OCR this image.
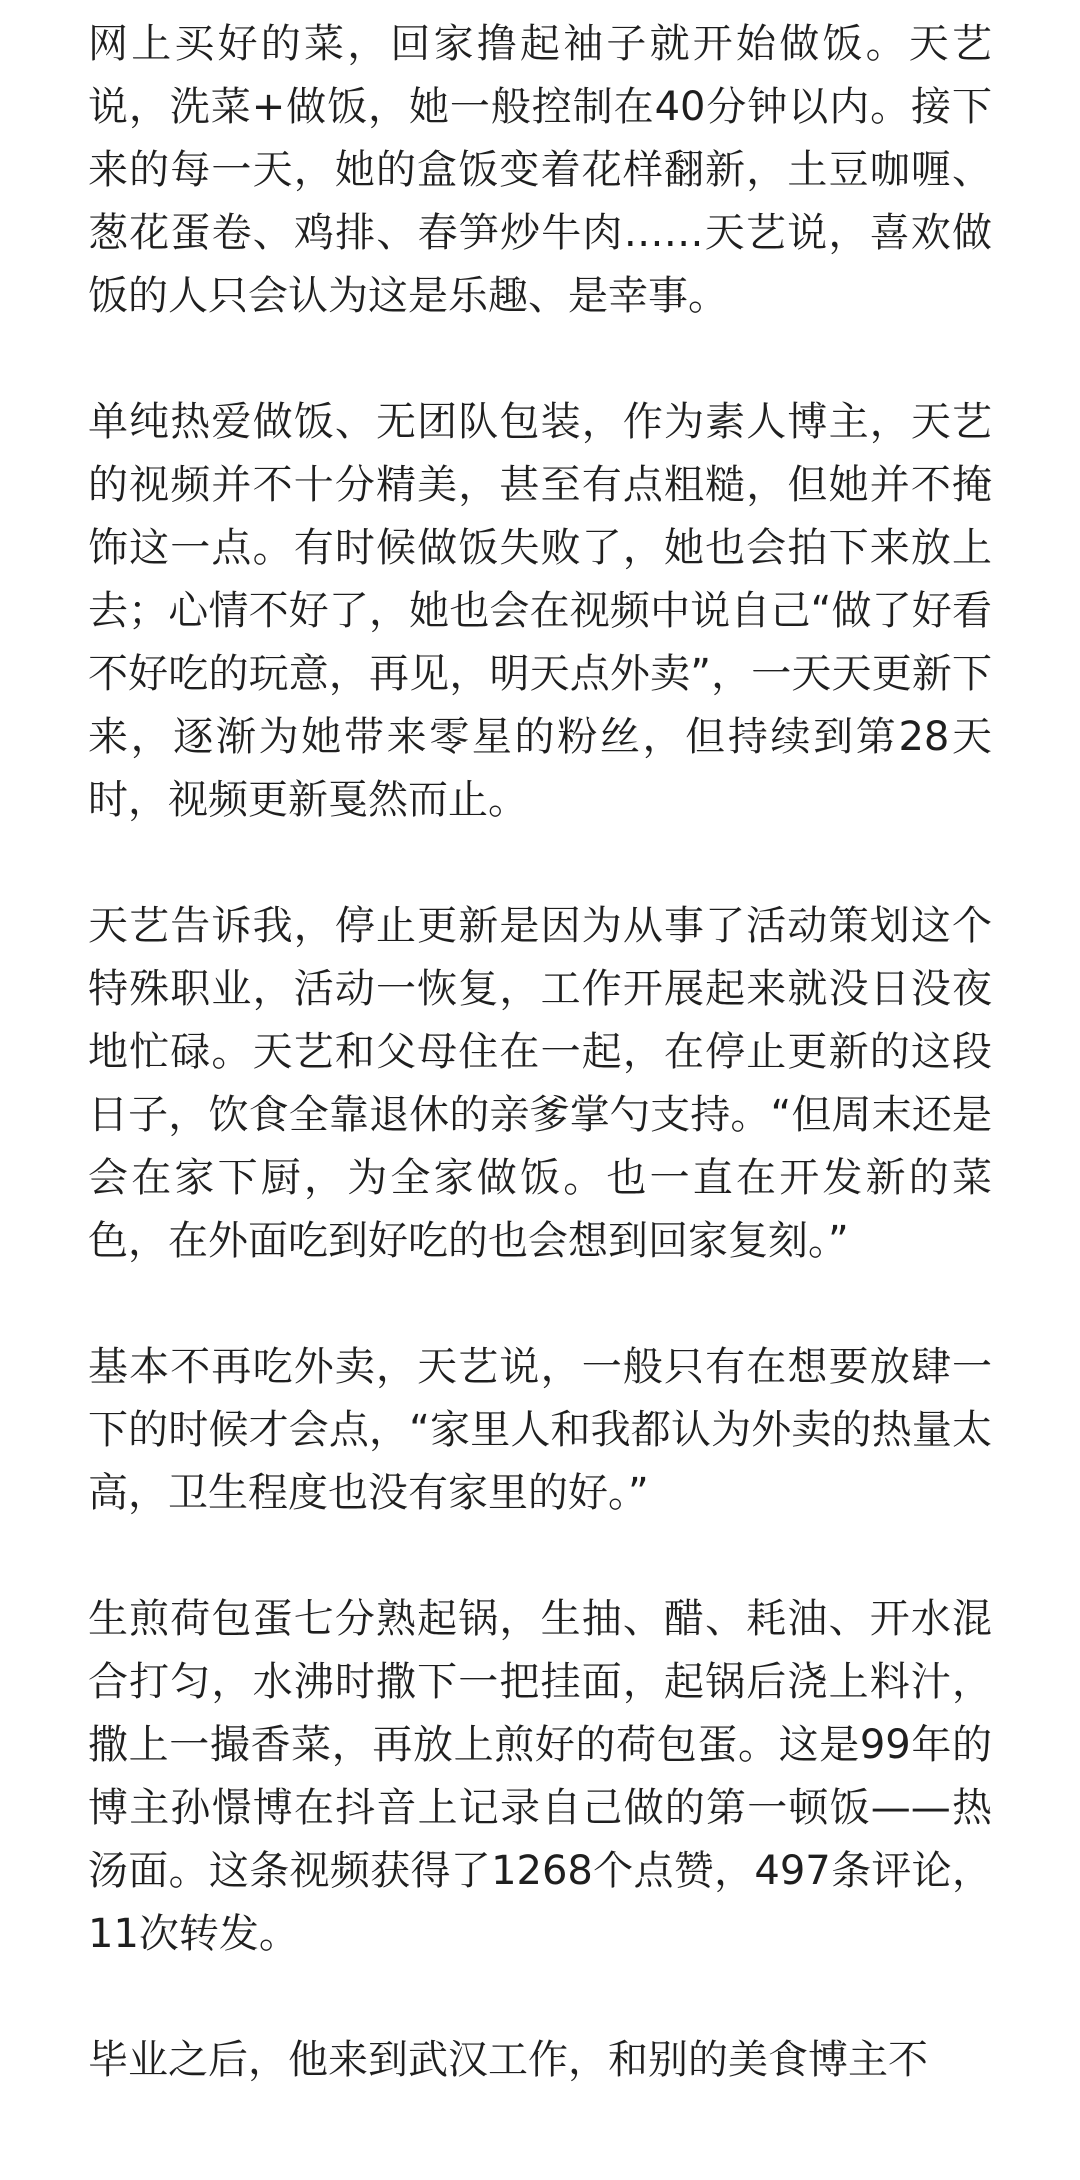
网上买好的菜，回家撸起袖子就开始做饭。天艺说，洗菜+做饭，她一般控制在40分钟以内。接下来的每一天，她的盒饭变着花样翻新，土豆咖喱、葱花蛋卷、鸡排、春笋炒牛肉……天艺说，喜欢做饭的人只会认为这是乐趣、是幸事。

单纯热爱做饭、无团队包装，作为素人博主，天艺的视频并不十分精美，甚至有点粗糙，但她并不掩饰这一点。有时候做饭失败了，她也会拍下来放上去；心情不好了，她也会在视频中说自己“做了好看不好吃的玩意，再见，明天点外卖”，一天天更新下来，逐渐为她带来零星的粉丝，但持续到第28天时，视频更新戛然而止。

天艺告诉我，停止更新是因为从事了活动策划这个特殊职业，活动一恢复，工作开展起来就没日没夜地忙碌。天艺和父母住在一起，在停止更新的这段日子，饮食全靠退休的亲爹掌勺支持。“但周末还是会在家下厨，为全家做饭。也一直在开发新的菜色，在外面吃到好吃的也会想到回家复刻。”

基本不再吃外卖，天艺说，一般只有在想要放肆一下的时候才会点，“家里人和我都认为外卖的热量太高，卫生程度也没有家里的好。”

生煎荷包蛋七分熟起锅，生抽、醋、耗油、开水混合打匀，水沸时撒下一把挂面，起锅后浇上料汁，撒上一撮香菜，再放上煎好的荷包蛋。这是99年的博主孙憬博在抖音上记录自己做的第一顿饭——热汤面。这条视频获得了1268个点赞，497条评论，11次转发。

毕业之后，他来到武汉工作，和别的美食博主不
